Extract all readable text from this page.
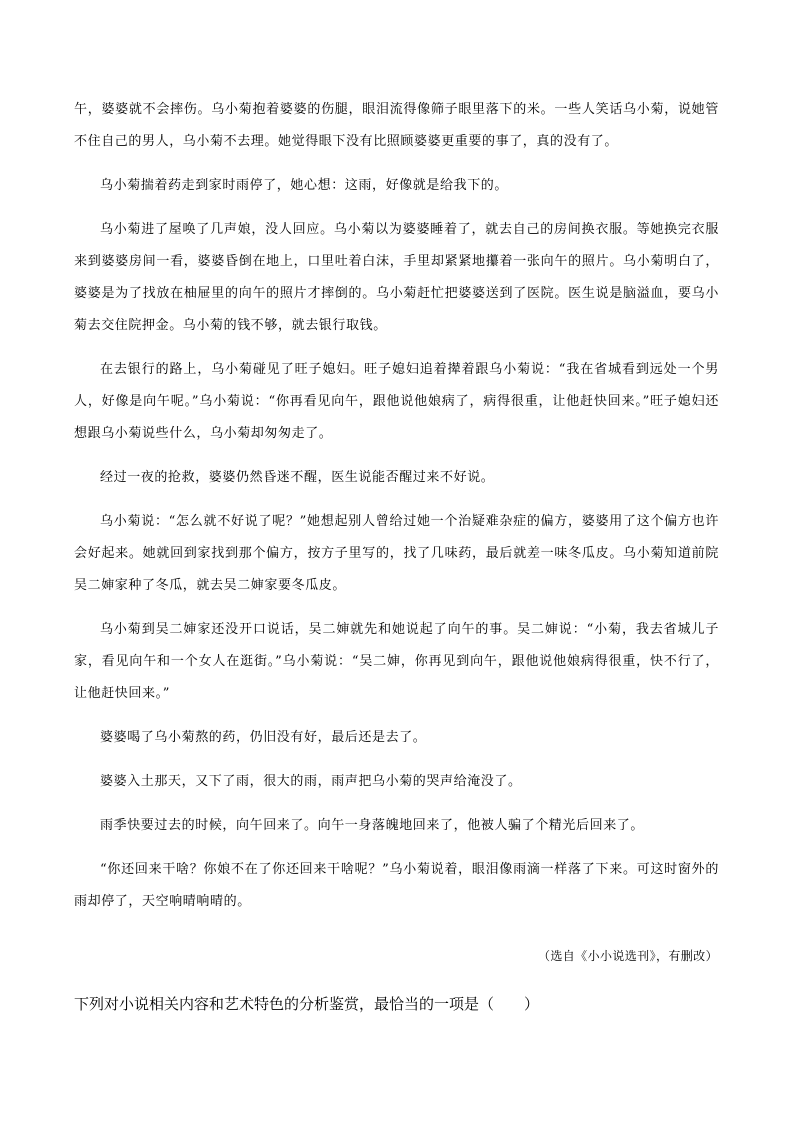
午，婆婆就不会摔伤。乌小菊抱着婆婆的伤腿，眼泪流得像筛子眼里落下的米。一些人笑话乌小菊，说她管不住自己的男人，乌小菊不去理。她觉得眼下没有比照顾婆婆更重要的事了，真的没有了。

乌小菊揣着药走到家时雨停了，她心想：这雨，好像就是给我下的。

乌小菊进了屋唤了几声娘，没人回应。乌小菊以为婆婆睡着了，就去自己的房间换衣服。等她换完衣服来到婆婆房间一看，婆婆昏倒在地上，口里吐着白沫，手里却紧紧地攥着一张向午的照片。乌小菊明白了，婆婆是为了找放在柚屉里的向午的照片才摔倒的。乌小菊赶忙把婆婆送到了医院。医生说是脑溢血，要乌小菊去交住院押金。乌小菊的钱不够，就去银行取钱。

在去银行的路上，乌小菊碰见了旺子媳妇。旺子媳妇追着撵着跟乌小菊说：“我在省城看到远处一个男人，好像是向午呢。”乌小菊说：“你再看见向午，跟他说他娘病了，病得很重，让他赶快回来。”旺子媳妇还想跟乌小菊说些什么，乌小菊却匆匆走了。

经过一夜的抢救，婆婆仍然昏迷不醒，医生说能否醒过来不好说。

乌小菊说：“怎么就不好说了呢？”她想起别人曾给过她一个治疑难杂症的偏方，婆婆用了这个偏方也许会好起来。她就回到家找到那个偏方，按方子里写的，找了几味药，最后就差一味冬瓜皮。乌小菊知道前院吴二婶家种了冬瓜，就去吴二婶家要冬瓜皮。

乌小菊到吴二婶家还没开口说话，吴二婶就先和她说起了向午的事。吴二婶说：“小菊，我去省城儿子家，看见向午和一个女人在逛街。”乌小菊说：“吴二婶，你再见到向午，跟他说他娘病得很重，快不行了，让他赶快回来。”

婆婆喝了乌小菊熬的药，仍旧没有好，最后还是去了。

婆婆入土那天，又下了雨，很大的雨，雨声把乌小菊的哭声给淹没了。

雨季快要过去的时候，向午回来了。向午一身落魄地回来了，他被人骗了个精光后回来了。

“你还回来干啥？你娘不在了你还回来干啥呢？”乌小菊说着，眼泪像雨滴一样落了下来。可这时窗外的雨却停了，天空响晴响晴的。

（选自《小小说选刊》，有删改）
下列对小说相关内容和艺术特色的分析鉴赏，最恰当的一项是（　　）
